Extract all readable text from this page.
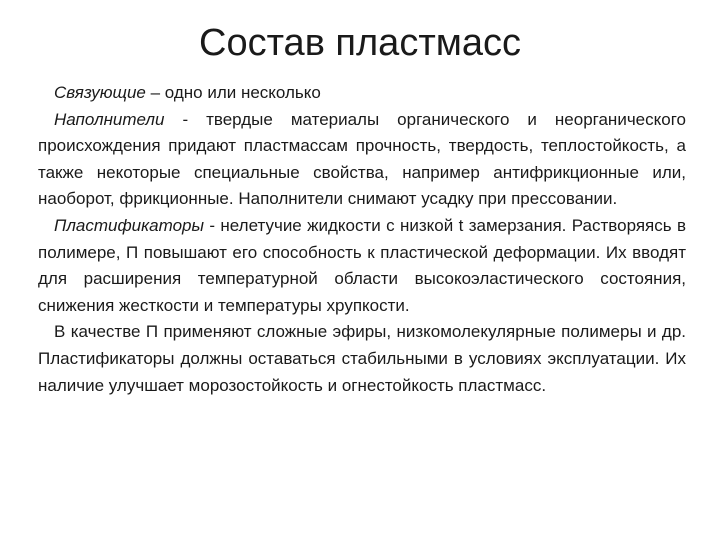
Состав пластмасс

Связующие – одно или несколько

Наполнители - твердые материалы органического и неорганического происхождения придают пластмассам прочность, твердость, теплостойкость, а также некоторые специальные свойства, например антифрикционные или, наоборот, фрикционные. Наполнители снимают усадку при прессовании.

Пластификаторы - нелетучие жидкости с низкой t замерзания. Растворяясь в полимере, П повышают его способность к пластической деформации. Их вводят для расширения температурной области высокоэластического состояния, снижения жесткости и температуры хрупкости.

В качестве П применяют сложные эфиры, низкомолекулярные полимеры и др. Пластификаторы должны оставаться стабильными в условиях эксплуатации. Их наличие улучшает морозостойкость и огнестойкость пластмасс.
